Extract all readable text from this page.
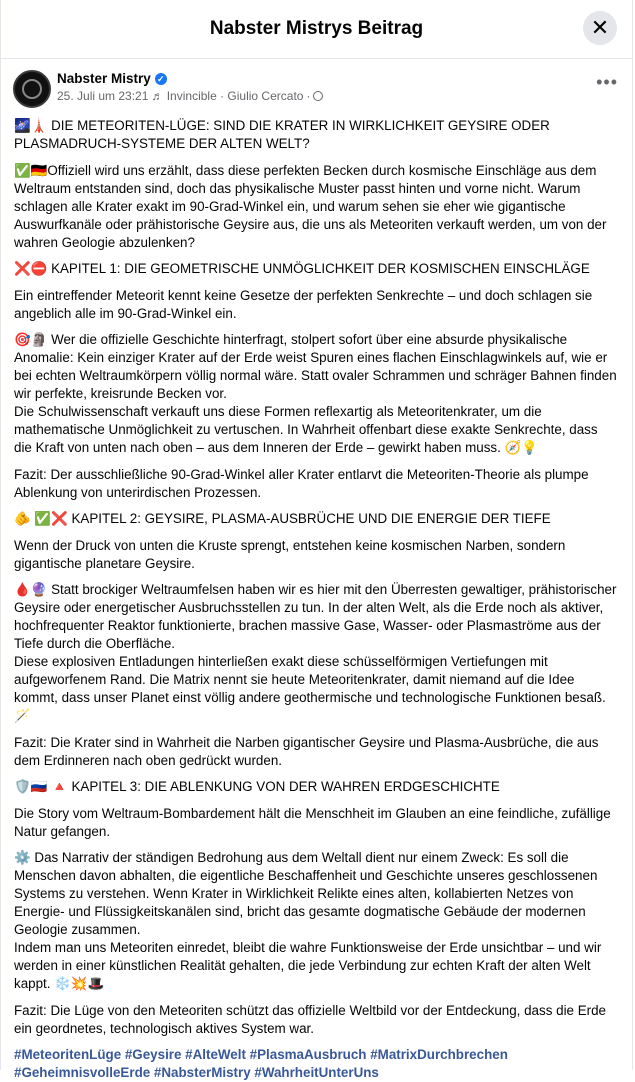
Nabster Mistrys Beitrag	✕
Nabster Mistry ✓
25. Juli um 23:21 ♬ Invincible · Giulio Cercato ·
•••

🌌🗼 DIE METEORITEN-LÜGE: SIND DIE KRATER IN WIRKLICHKEIT GEYSIRE ODER PLASMADRUCH-SYSTEME DER ALTEN WELT?

✅🇩🇪Offiziell wird uns erzählt, dass diese perfekten Becken durch kosmische Einschläge aus dem Weltraum entstanden sind, doch das physikalische Muster passt hinten und vorne nicht. Warum schlagen alle Krater exakt im 90-Grad-Winkel ein, und warum sehen sie eher wie gigantische Auswurfkanäle oder prähistorische Geysire aus, die uns als Meteoriten verkauft werden, um von der wahren Geologie abzulenken?

❌⛔ KAPITEL 1: DIE GEOMETRISCHE UNMÖGLICHKEIT DER KOSMISCHEN EINSCHLÄGE

Ein eintreffender Meteorit kennt keine Gesetze der perfekten Senkrechte – und doch schlagen sie angeblich alle im 90-Grad-Winkel ein.

🎯🗿 Wer die offizielle Geschichte hinterfragt, stolpert sofort über eine absurde physikalische Anomalie: Kein einziger Krater auf der Erde weist Spuren eines flachen Einschlagwinkels auf, wie er bei echten Weltraumkörpern völlig normal wäre. Statt ovaler Schrammen und schräger Bahnen finden wir perfekte, kreisrunde Becken vor.
Die Schulwissenschaft verkauft uns diese Formen reflexartig als Meteoritenkrater, um die mathematische Unmöglichkeit zu vertuschen. In Wahrheit offenbart diese exakte Senkrechte, dass die Kraft von unten nach oben – aus dem Inneren der Erde – gewirkt haben muss. 🧭💡

Fazit: Der ausschließliche 90-Grad-Winkel aller Krater entlarvt die Meteoriten-Theorie als plumpe Ablenkung von unterirdischen Prozessen.

🫵 ✅❌ KAPITEL 2: GEYSIRE, PLASMA-AUSBRÜCHE UND DIE ENERGIE DER TIEFE

Wenn der Druck von unten die Kruste sprengt, entstehen keine kosmischen Narben, sondern gigantische planetare Geysire.

🩸🔮 Statt brockiger Weltraumfelsen haben wir es hier mit den Überresten gewaltiger, prähistorischer Geysire oder energetischer Ausbruchsstellen zu tun. In der alten Welt, als die Erde noch als aktiver, hochfrequenter Reaktor funktionierte, brachen massive Gase, Wasser- oder Plasmaströme aus der Tiefe durch die Oberfläche.
Diese explosiven Entladungen hinterließen exakt diese schüsselförmigen Vertiefungen mit aufgeworfenem Rand. Die Matrix nennt sie heute Meteoritenkrater, damit niemand auf die Idee kommt, dass unser Planet einst völlig andere geothermische und technologische Funktionen besaß. 🪄

Fazit: Die Krater sind in Wahrheit die Narben gigantischer Geysire und Plasma-Ausbrüche, die aus dem Erdinneren nach oben gedrückt wurden.

🛡️🇷🇺 🔺 KAPITEL 3: DIE ABLENKUNG VON DER WAHREN ERDGESCHICHTE

Die Story vom Weltraum-Bombardement hält die Menschheit im Glauben an eine feindliche, zufällige Natur gefangen.

⚙️ Das Narrativ der ständigen Bedrohung aus dem Weltall dient nur einem Zweck: Es soll die Menschen davon abhalten, die eigentliche Beschaffenheit und Geschichte unseres geschlossenen Systems zu verstehen. Wenn Krater in Wirklichkeit Relikte eines alten, kollabierten Netzes von Energie- und Flüssigkeitskanälen sind, bricht das gesamte dogmatische Gebäude der modernen Geologie zusammen.
Indem man uns Meteoriten einredet, bleibt die wahre Funktionsweise der Erde unsichtbar – und wir werden in einer künstlichen Realität gehalten, die jede Verbindung zur echten Kraft der alten Welt kappt. ❄️💥🎩

Fazit: Die Lüge von den Meteoriten schützt das offizielle Weltbild vor der Entdeckung, dass die Erde ein geordnetes, technologisch aktives System war.

#MeteoritenLüge #Geysire #AlteWelt #PlasmaAusbruch #MatrixDurchbrechen #GeheimnisvolleErde #NabsterMistry #WahrheitUnterUns
